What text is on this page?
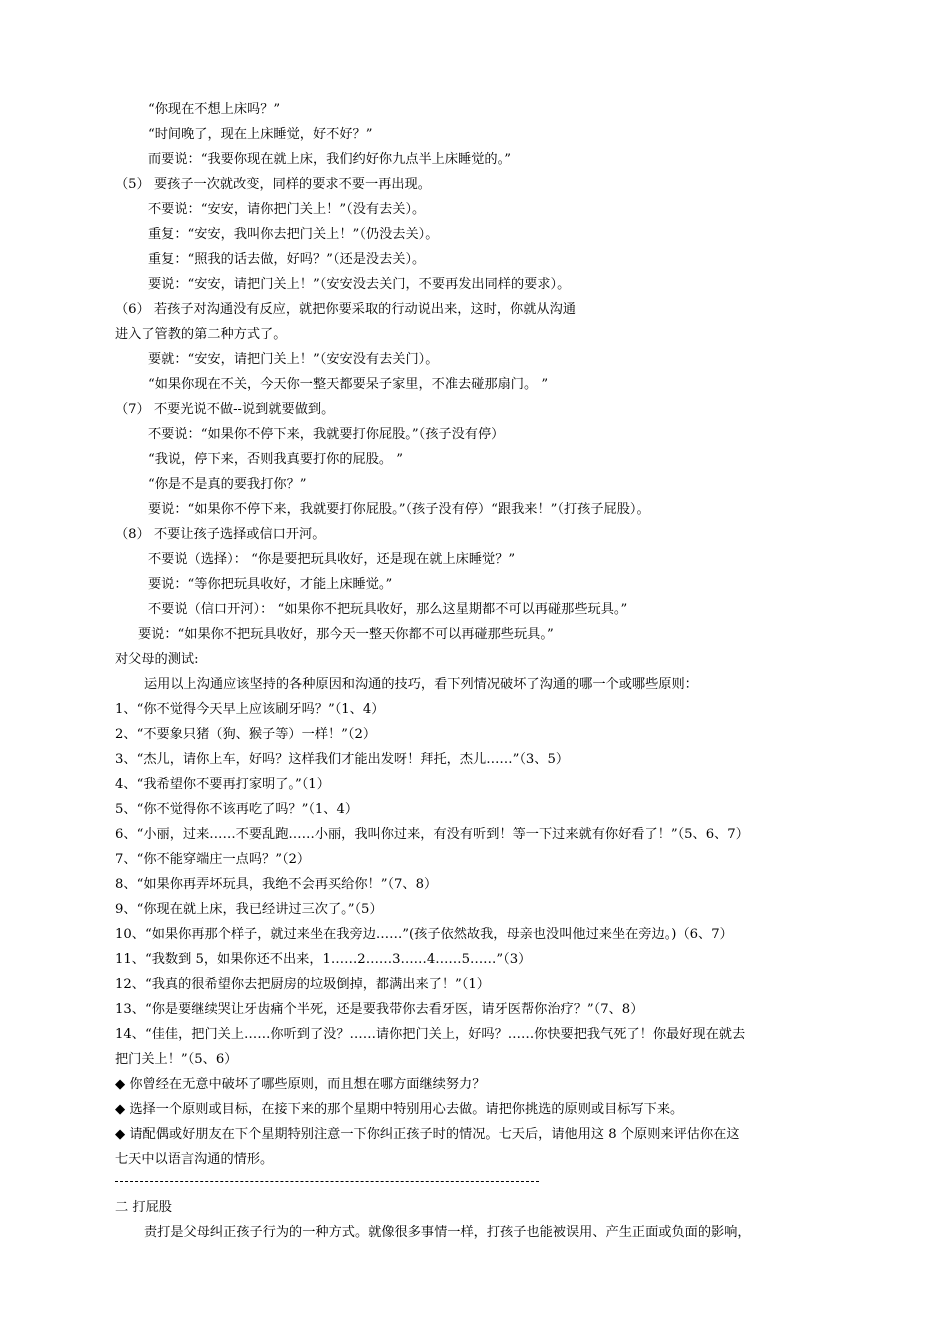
“你现在不想上床吗？”
“时间晚了，现在上床睡觉，好不好？”
而要说：“我要你现在就上床，我们约好你九点半上床睡觉的。”
（5） 要孩子一次就改变，同样的要求不要一再出现。
不要说：“安安，请你把门关上！”（没有去关）。
重复：“安安，我叫你去把门关上！”（仍没去关）。
重复：“照我的话去做，好吗？”（还是没去关）。
要说：“安安，请把门关上！”（安安没去关门，不要再发出同样的要求）。
（6） 若孩子对沟通没有反应，就把你要采取的行动说出来，这时，你就从沟通
进入了管教的第二种方式了。
要就：“安安，请把门关上！”（安安没有去关门）。
“如果你现在不关，今天你一整天都要呆子家里，不准去碰那扇门。 ”
（7） 不要光说不做--说到就要做到。
不要说：“如果你不停下来，我就要打你屁股。”（孩子没有停）
“我说，停下来，否则我真要打你的屁股。 ”
“你是不是真的要我打你？”
要说：“如果你不停下来，我就要打你屁股。”（孩子没有停）“跟我来！”（打孩子屁股）。
（8） 不要让孩子选择或信口开河。
不要说（选择）： “你是要把玩具收好，还是现在就上床睡觉？”
要说：“等你把玩具收好，才能上床睡觉。”
不要说（信口开河）： “如果你不把玩具收好，那么这星期都不可以再碰那些玩具。”
要说：“如果你不把玩具收好，那今天一整天你都不可以再碰那些玩具。”
对父母的测试:
运用以上沟通应该坚持的各种原因和沟通的技巧，看下列情况破坏了沟通的哪一个或哪些原则：
1、“你不觉得今天早上应该刷牙吗？”（1、4）
2、“不要象只猪（狗、猴子等）一样！”（2）
3、“杰儿，请你上车，好吗？这样我们才能出发呀！拜托，杰儿……”（3、5）
4、“我希望你不要再打家明了。”（1）
5、“你不觉得你不该再吃了吗？”（1、4）
6、“小丽，过来……不要乱跑……小丽，我叫你过来，有没有听到！等一下过来就有你好看了！”（5、6、7）
7、“你不能穿端庄一点吗？”（2）
8、“如果你再弄坏玩具，我绝不会再买给你！”（7、8）
9、“你现在就上床，我已经讲过三次了。”（5）
10、“如果你再那个样子，就过来坐在我旁边……”(孩子依然故我，母亲也没叫他过来坐在旁边。)（6、7）
11、“我数到 5，如果你还不出来，1……2……3……4……5……”（3）
12、“我真的很希望你去把厨房的垃圾倒掉，都满出来了！”（1）
13、“你是要继续哭让牙齿痛个半死，还是要我带你去看牙医，请牙医帮你治疗？”（7、8）
14、“佳佳，把门关上……你听到了没？……请你把门关上，好吗？……你快要把我气死了！你最好现在就去
把门关上！”（5、6）
◆ 你曾经在无意中破坏了哪些原则，而且想在哪方面继续努力？
◆ 选择一个原则或目标，在接下来的那个星期中特别用心去做。请把你挑选的原则或目标写下来。
◆ 请配偶或好朋友在下个星期特别注意一下你纠正孩子时的情况。七天后，请他用这 8 个原则来评估你在这
七天中以语言沟通的情形。
二 打屁股
责打是父母纠正孩子行为的一种方式。就像很多事情一样，打孩子也能被误用、产生正面或负面的影响，
